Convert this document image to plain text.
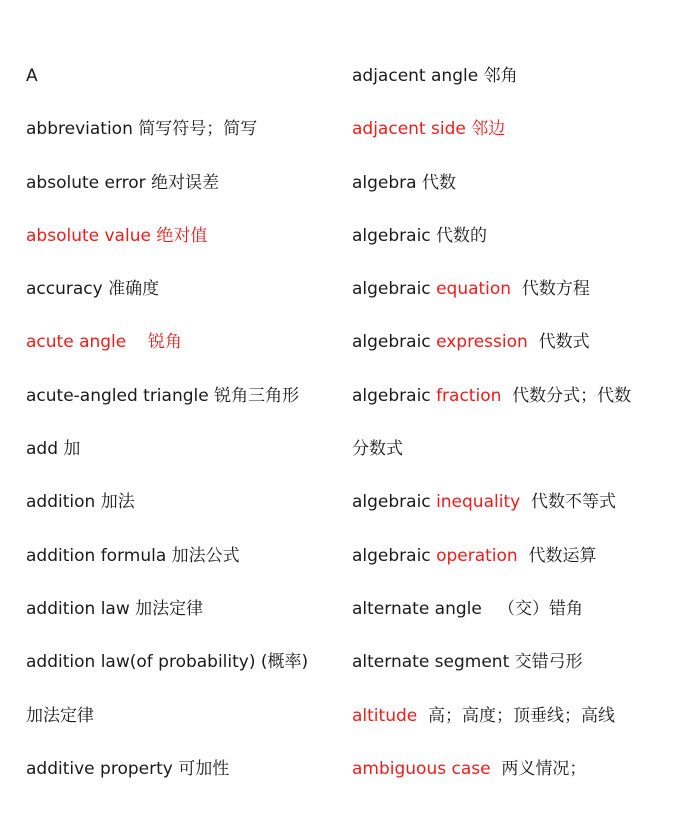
A
abbreviation 简写符号；简写
absolute error 绝对误差
absolute value 绝对值
accuracy 准确度
acute angle    锐角
acute-angled triangle 锐角三角形
add 加
addition 加法
addition formula 加法公式
addition law 加法定律
addition law(of probability) (概率)
加法定律
additive property 可加性
adjacent angle 邻角
adjacent side 邻边
algebra 代数
algebraic 代数的
algebraic equation  代数方程
algebraic expression  代数式
algebraic fraction  代数分式；代数
分数式
algebraic inequality  代数不等式
algebraic operation  代数运算
alternate angle   （交）错角
alternate segment 交错弓形
altitude  高；高度；顶垂线；高线
ambiguous case  两义情况；
